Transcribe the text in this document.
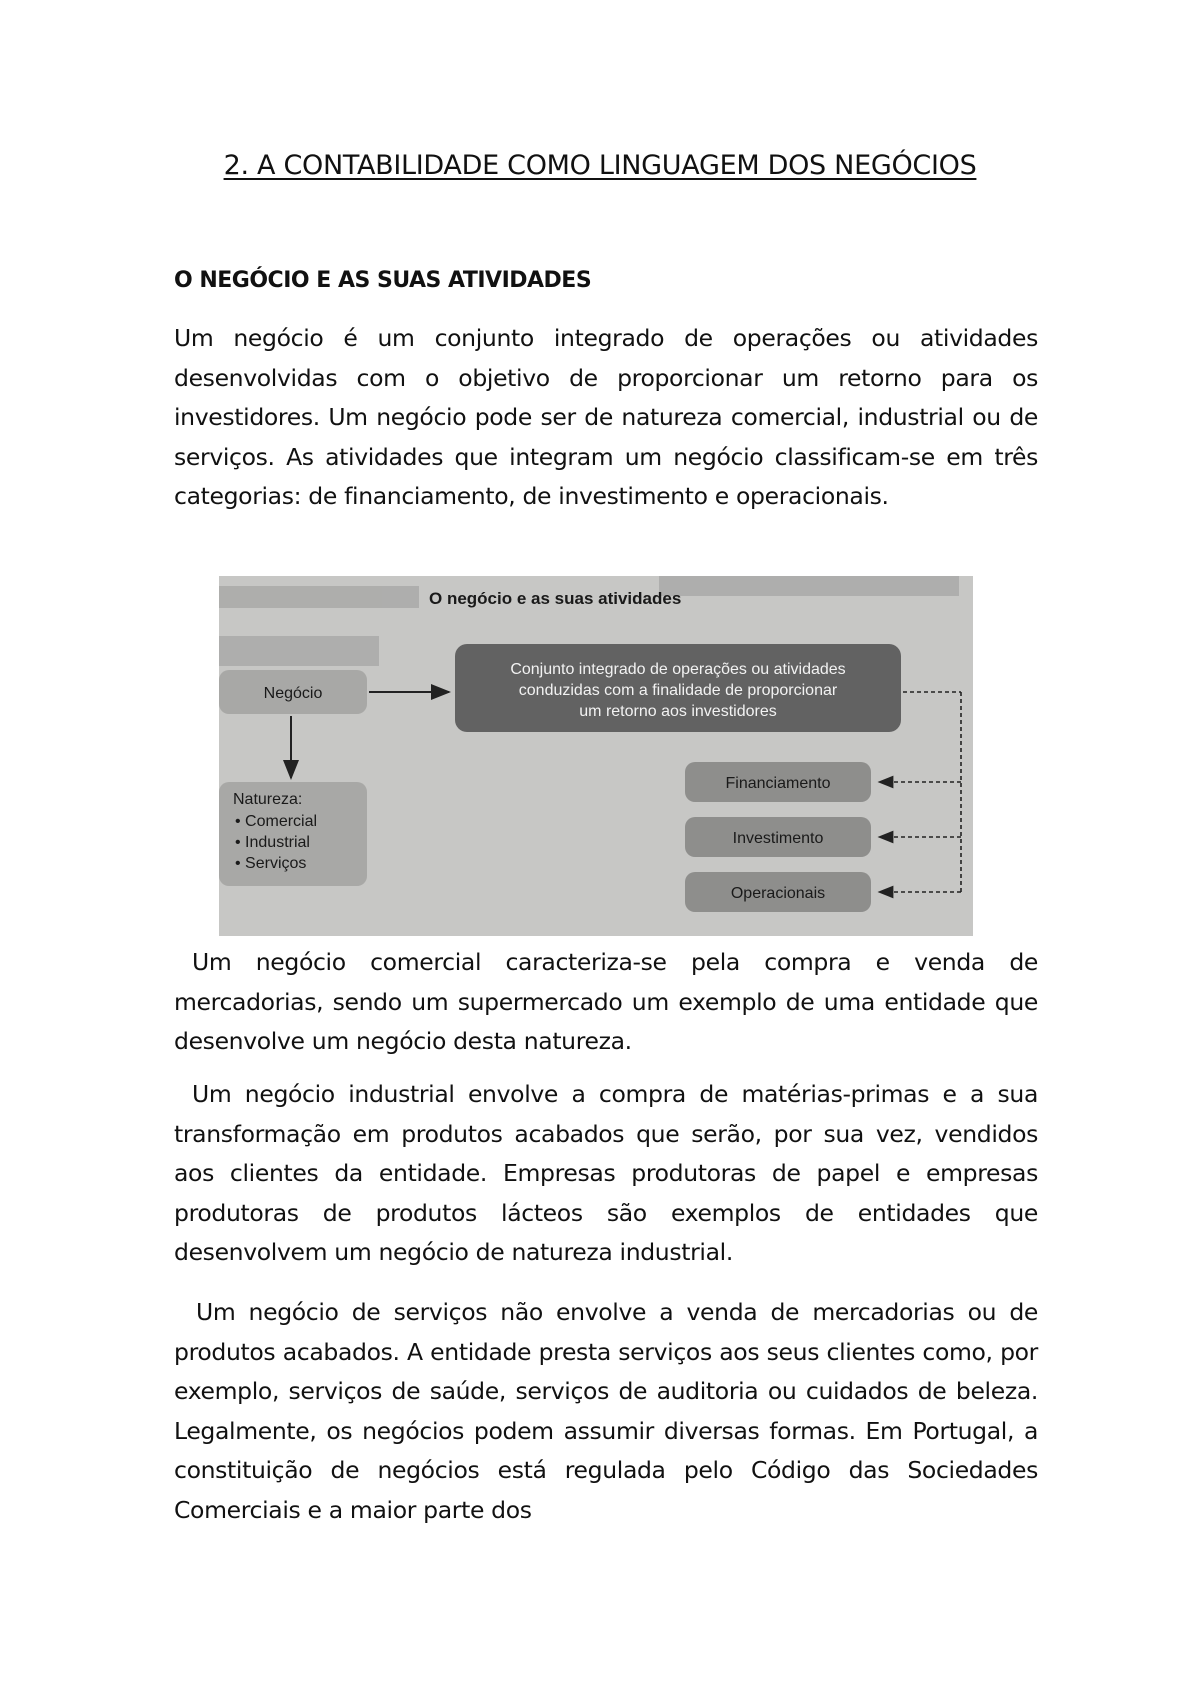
2. A CONTABILIDADE COMO LINGUAGEM DOS NEGÓCIOS
O NEGÓCIO E AS SUAS ATIVIDADES

Um negócio é um conjunto integrado de operações ou atividades desenvolvidas com o objetivo de proporcionar um retorno para os investidores. Um negócio pode ser de natureza comercial, industrial ou de serviços. As atividades que integram um negócio classificam-se em três categorias: de financiamento, de investimento e operacionais.

O negócio e as suas atividades
Negócio
Conjunto integrado de operações ou atividades
conduzidas com a finalidade de proporcionar
um retorno aos investidores
Natureza:
• Comercial
• Industrial
• Serviços
Financiamento
Investimento
Operacionais

Um negócio comercial caracteriza-se pela compra e venda de mercadorias, sendo um supermercado um exemplo de uma entidade que desenvolve um negócio desta natureza.

Um negócio industrial envolve a compra de matérias-primas e a sua transformação em produtos acabados que serão, por sua vez, vendidos aos clientes da entidade. Empresas produtoras de papel e empresas produtoras de produtos lácteos são exemplos de entidades que desenvolvem um negócio de natureza industrial.

Um negócio de serviços não envolve a venda de mercadorias ou de produtos acabados. A entidade presta serviços aos seus clientes como, por exemplo, serviços de saúde, serviços de auditoria ou cuidados de beleza. Legalmente, os negócios podem assumir diversas formas. Em Portugal, a constituição de negócios está regulada pelo Código das Sociedades Comerciais e a maior parte dos
